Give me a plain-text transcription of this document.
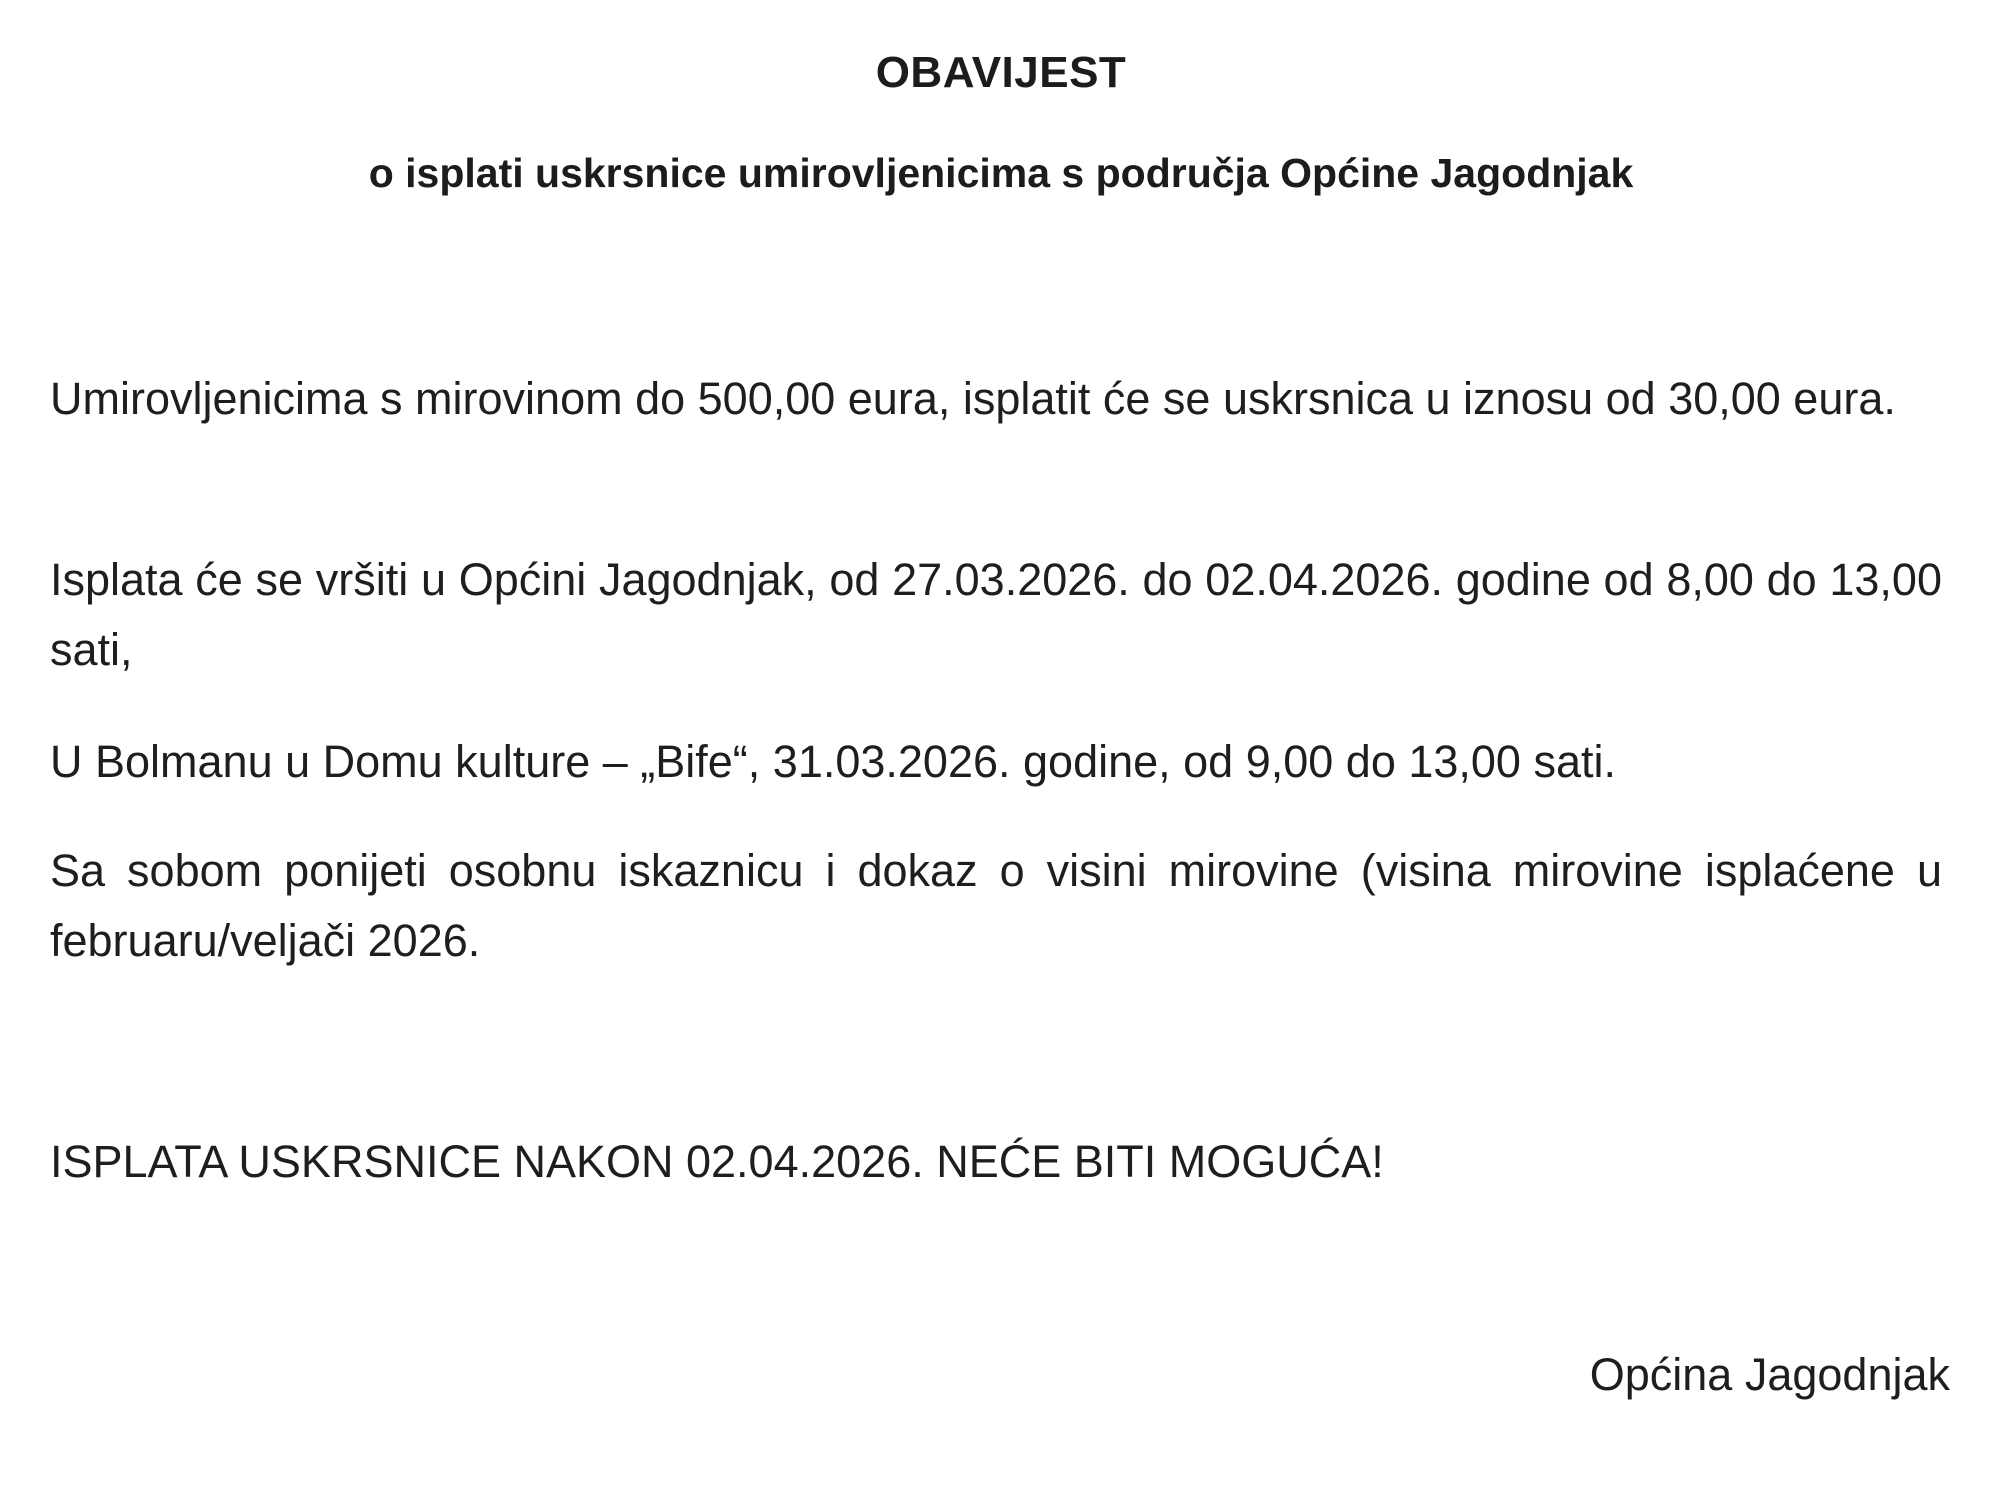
OBAVIJEST
o isplati uskrsnice umirovljenicima s područja Općine Jagodnjak
Umirovljenicima s mirovinom do 500,00 eura, isplatit će se uskrsnica u iznosu od 30,00 eura.
Isplata će se vršiti u Općini Jagodnjak, od 27.03.2026. do 02.04.2026. godine od 8,00 do 13,00 sati,
U Bolmanu u Domu kulture – „Bife“, 31.03.2026. godine, od 9,00 do 13,00 sati.
Sa sobom ponijeti osobnu iskaznicu i dokaz o visini mirovine (visina mirovine isplaćene u februaru/veljači 2026.
ISPLATA USKRSNICE NAKON 02.04.2026. NEĆE BITI MOGUĆA!
Općina Jagodnjak
